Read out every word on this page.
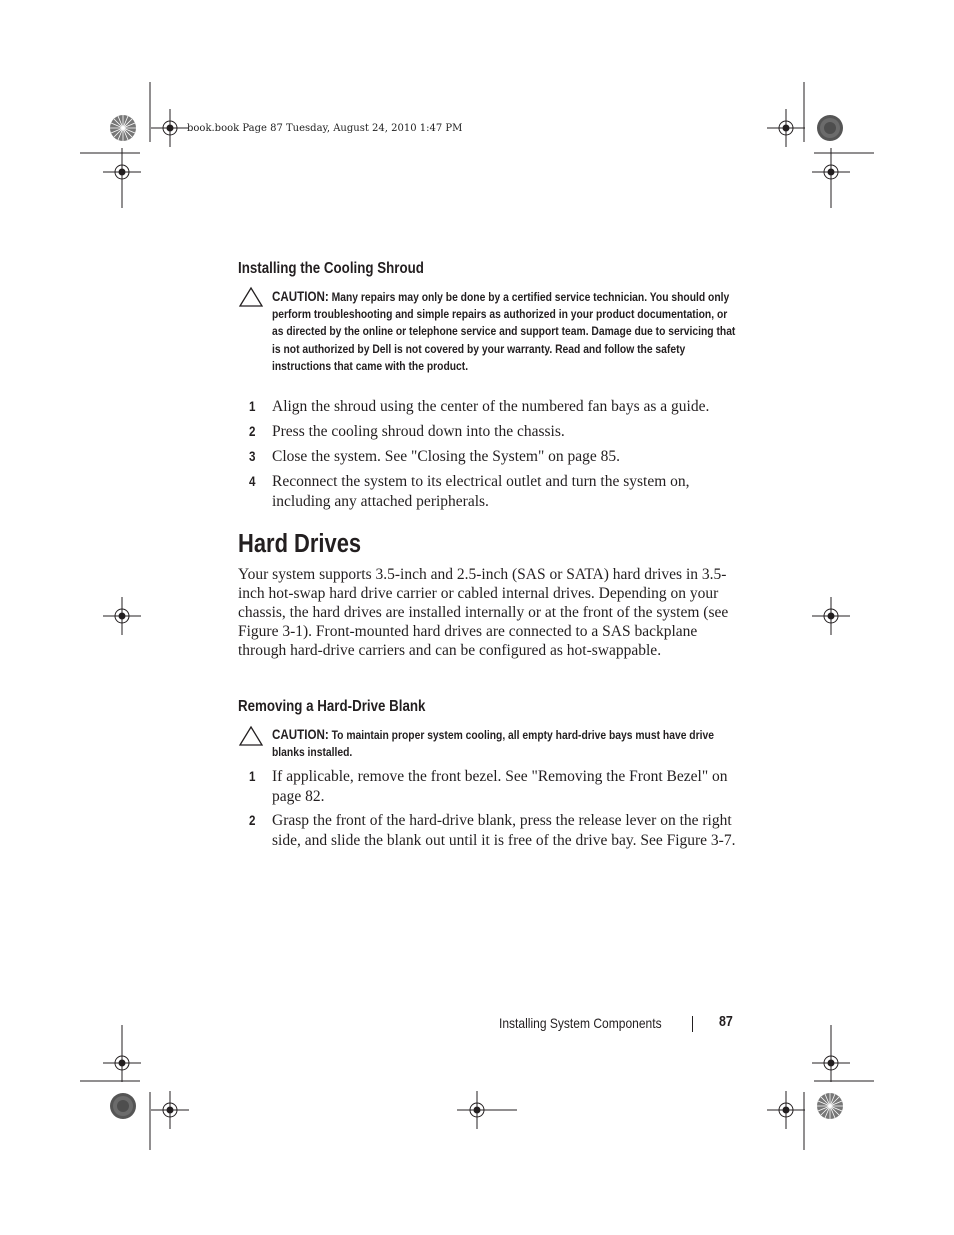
book.book Page 87 Tuesday, August 24, 2010 1:47 PM
Installing the Cooling Shroud
CAUTION: Many repairs may only be done by a certified service technician. You should only perform troubleshooting and simple repairs as authorized in your product documentation, or as directed by the online or telephone service and support team. Damage due to servicing that is not authorized by Dell is not covered by your warranty. Read and follow the safety instructions that came with the product.
1 Align the shroud using the center of the numbered fan bays as a guide.
2 Press the cooling shroud down into the chassis.
3 Close the system. See "Closing the System" on page 85.
4 Reconnect the system to its electrical outlet and turn the system on, including any attached peripherals.
Hard Drives
Your system supports 3.5-inch and 2.5-inch (SAS or SATA) hard drives in 3.5-inch hot-swap hard drive carrier or cabled internal drives. Depending on your chassis, the hard drives are installed internally or at the front of the system (see Figure 3-1). Front-mounted hard drives are connected to a SAS backplane through hard-drive carriers and can be configured as hot-swappable.
Removing a Hard-Drive Blank
CAUTION: To maintain proper system cooling, all empty hard-drive bays must have drive blanks installed.
1 If applicable, remove the front bezel. See "Removing the Front Bezel" on page 82.
2 Grasp the front of the hard-drive blank, press the release lever on the right side, and slide the blank out until it is free of the drive bay. See Figure 3-7.
Installing System Components	87
